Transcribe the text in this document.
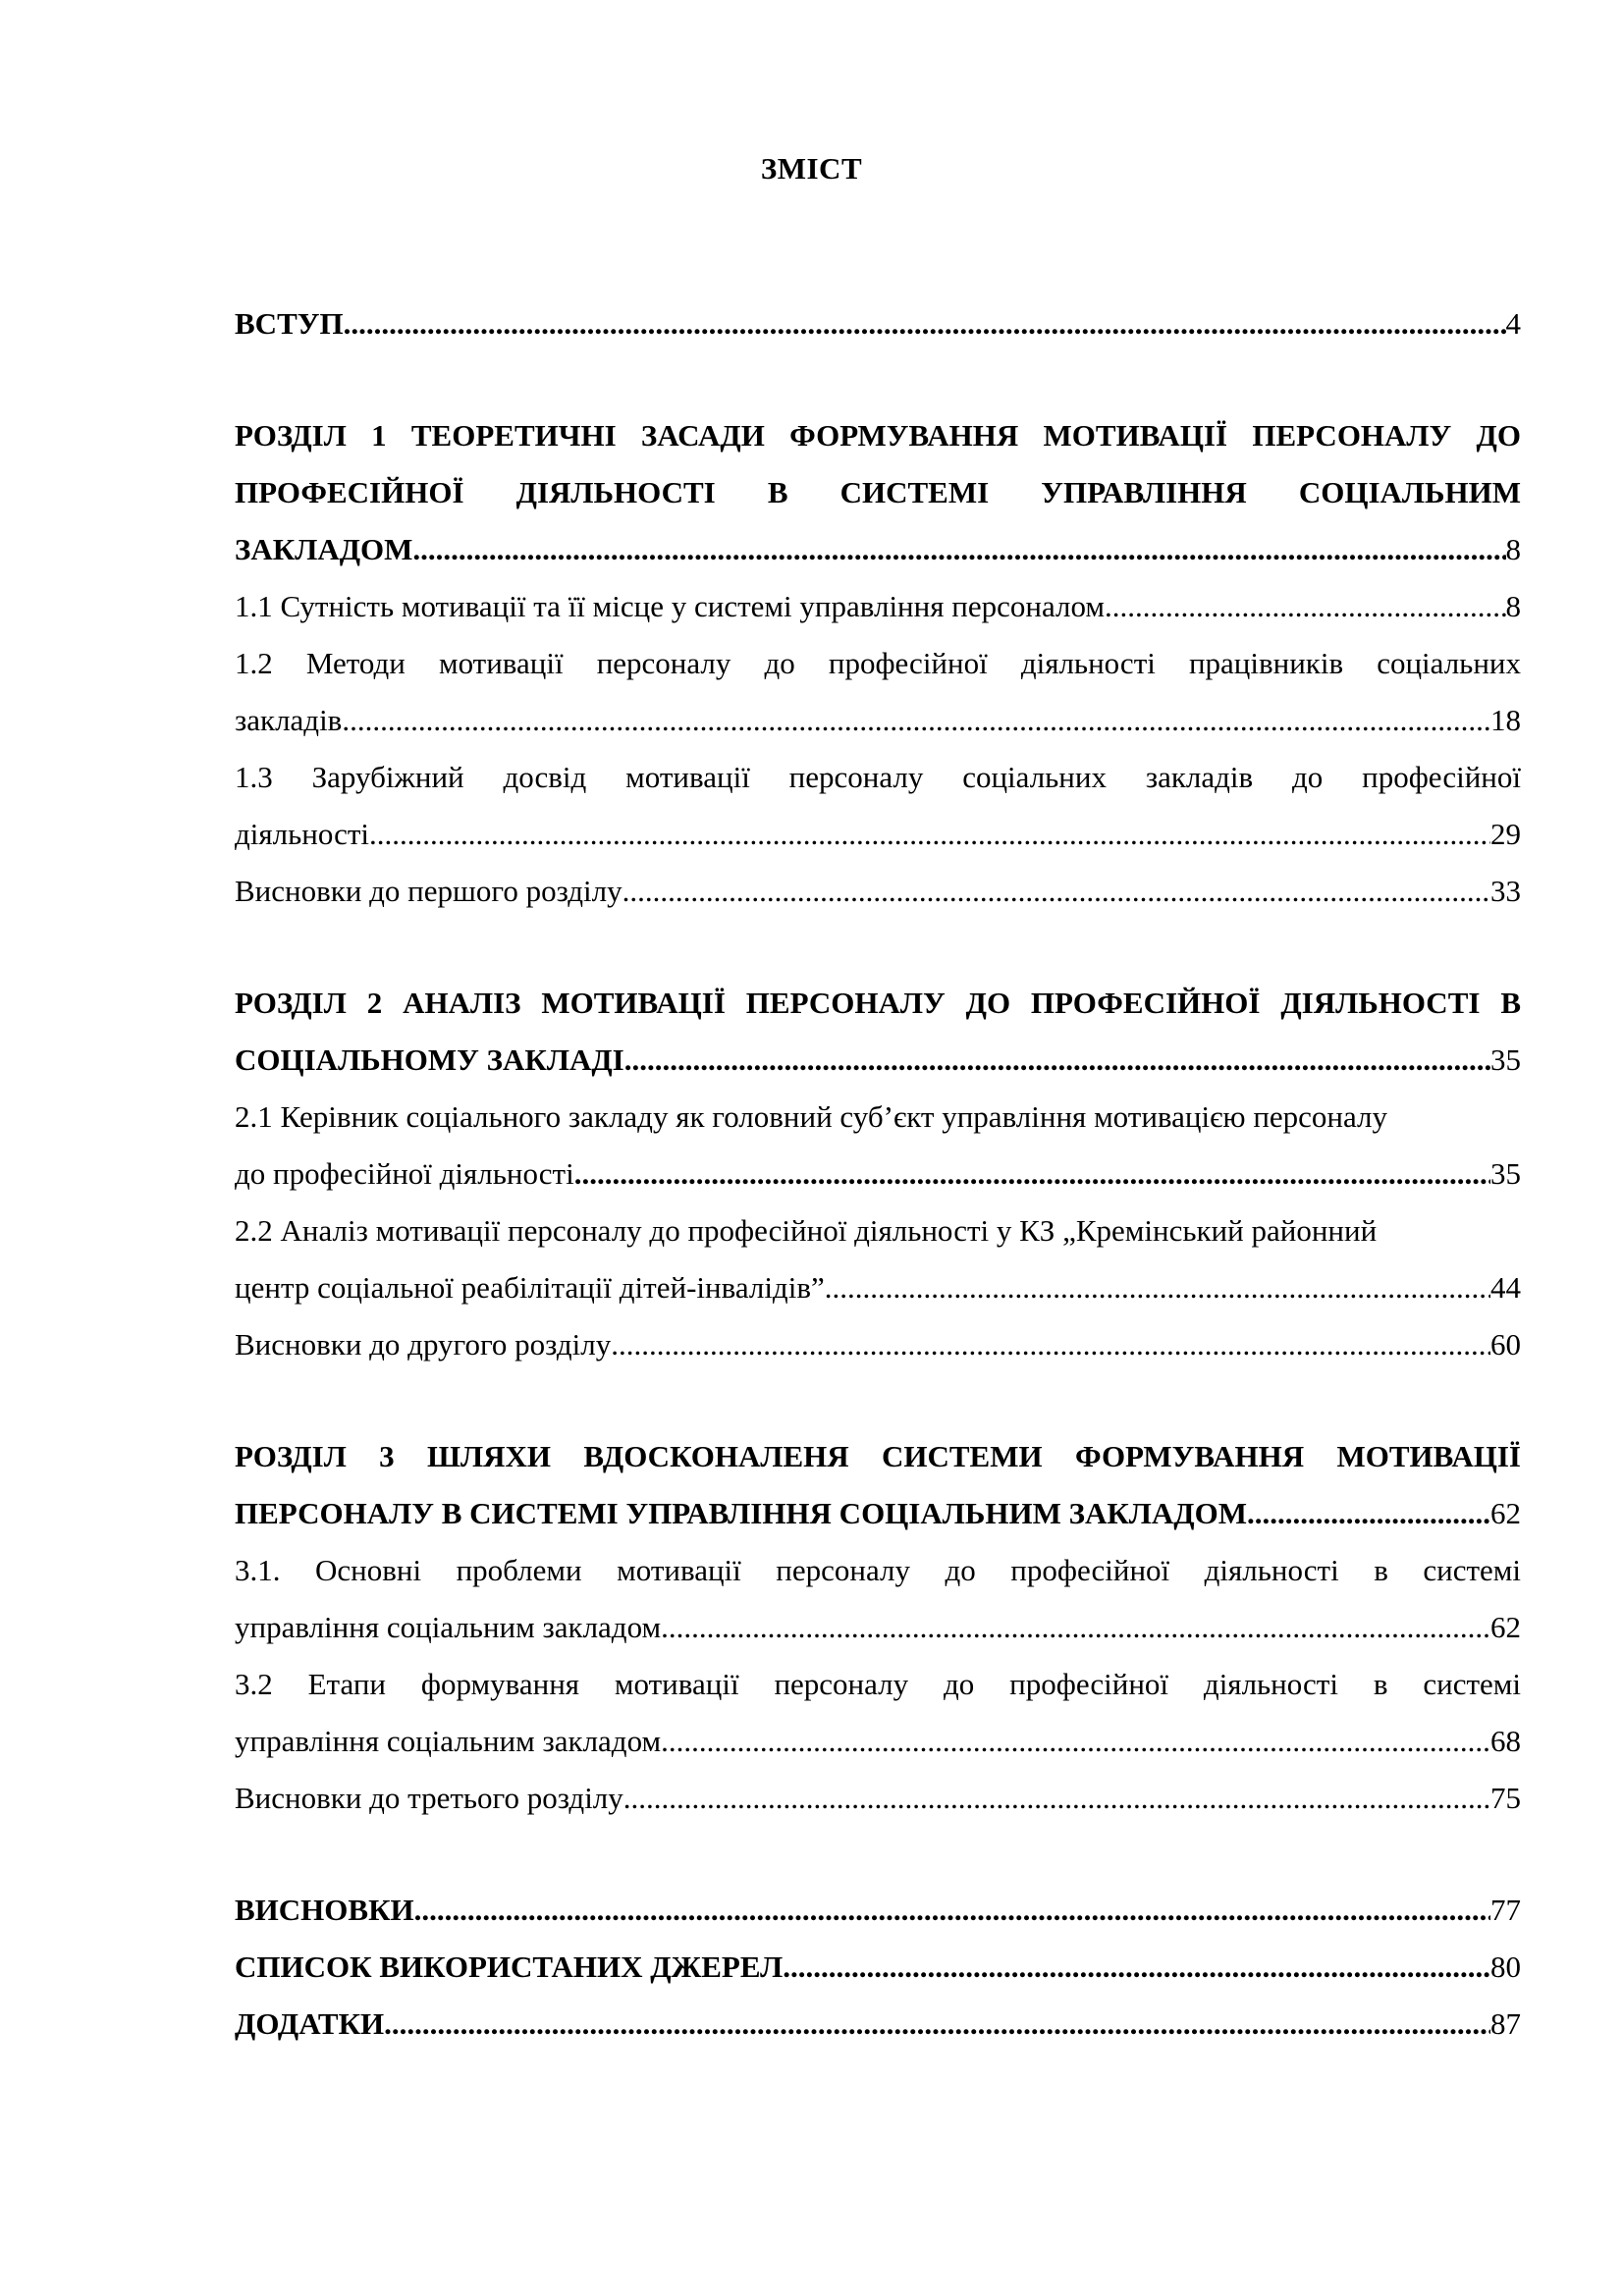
ЗМІСТ
ВСТУП .....	4
РОЗДІЛ 1 ТЕОРЕТИЧНІ ЗАСАДИ ФОРМУВАННЯ МОТИВАЦІЇ ПЕРСОНАЛУ ДО
ПРОФЕСІЙНОЇ ДІЯЛЬНОСТІ В СИСТЕМІ УПРАВЛІННЯ СОЦІАЛЬНИМ
ЗАКЛАДОМ .....	8
1.1 Сутність мотивації та її місце у системі управління персоналом .....	8
1.2 Методи мотивації персоналу до професійної діяльності працівників соціальних
закладів .....	18
1.3 Зарубіжний досвід мотивації персоналу соціальних закладів до професійної
діяльності .....	29
Висновки до першого розділу .....	33
РОЗДІЛ 2 АНАЛІЗ МОТИВАЦІЇ ПЕРСОНАЛУ ДО ПРОФЕСІЙНОЇ ДІЯЛЬНОСТІ В
СОЦІАЛЬНОМУ ЗАКЛАДІ .....	35
2.1 Керівник соціального закладу як головний суб’єкт управління мотивацією персоналу
до професійної діяльності .....	35
2.2 Аналіз мотивації персоналу до професійної діяльності у КЗ „Кремінський районний
центр соціальної реабілітації дітей-інвалідів” .....	44
Висновки до другого розділу .....	60
РОЗДІЛ 3 ШЛЯХИ ВДОСКОНАЛЕНЯ СИСТЕМИ ФОРМУВАННЯ МОТИВАЦІЇ
ПЕРСОНАЛУ В СИСТЕМІ УПРАВЛІННЯ СОЦІАЛЬНИМ ЗАКЛАДОМ .....	62
3.1. Основні проблеми мотивації персоналу до професійної діяльності в системі
управління соціальним закладом .....	62
3.2 Етапи формування мотивації персоналу до професійної діяльності в системі
управління соціальним закладом .....	68
Висновки до третього розділу .....	75
ВИСНОВКИ .....	77
СПИСОК ВИКОРИСТАНИХ ДЖЕРЕЛ .....	80
ДОДАТКИ .....	87
